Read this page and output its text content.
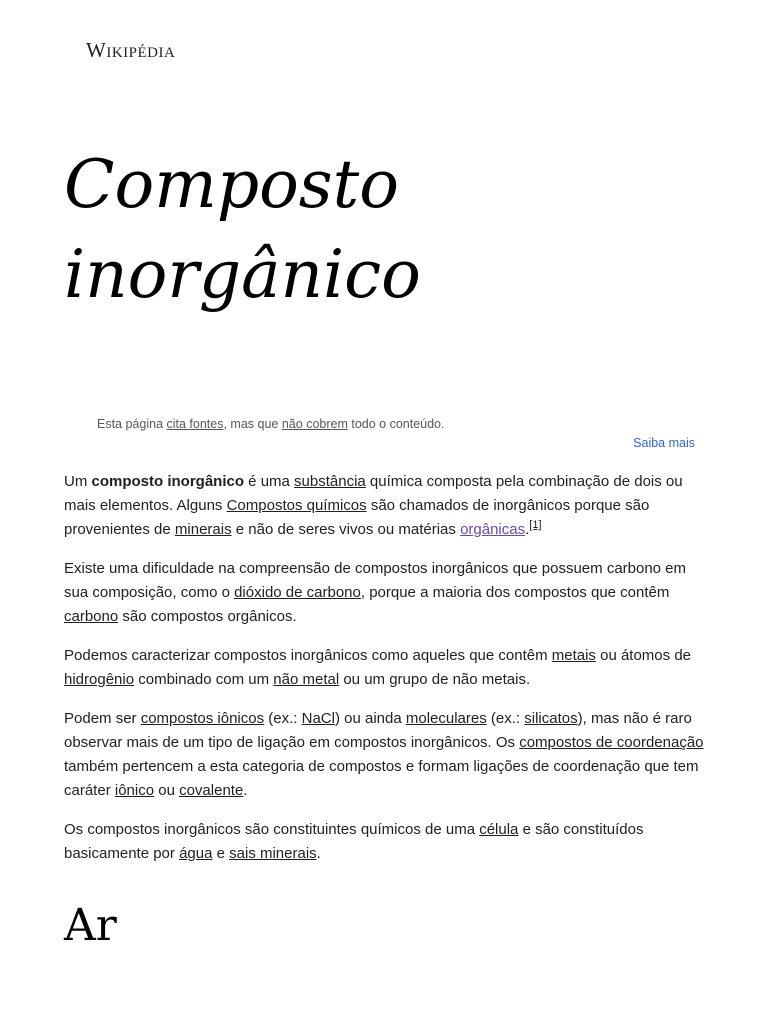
Wikipédia
Composto inorgânico
Esta página cita fontes, mas que não cobrem todo o conteúdo.
Saiba mais

Um composto inorgânico é uma substância química composta pela combinação de dois ou mais elementos. Alguns Compostos químicos são chamados de inorgânicos porque são provenientes de minerais e não de seres vivos ou matérias orgânicas.[1]

Existe uma dificuldade na compreensão de compostos inorgânicos que possuem carbono em sua composição, como o dióxido de carbono, porque a maioria dos compostos que contêm carbono são compostos orgânicos.

Podemos caracterizar compostos inorgânicos como aqueles que contêm metais ou átomos de hidrogênio combinado com um não metal ou um grupo de não metais.

Podem ser compostos iônicos (ex.: NaCl) ou ainda moleculares (ex.: silicatos), mas não é raro observar mais de um tipo de ligação em compostos inorgânicos. Os compostos de coordenação também pertencem a esta categoria de compostos e formam ligações de coordenação que tem caráter iônico ou covalente.

Os compostos inorgânicos são constituintes químicos de uma célula e são constituídos basicamente por água e sais minerais.

Ar
